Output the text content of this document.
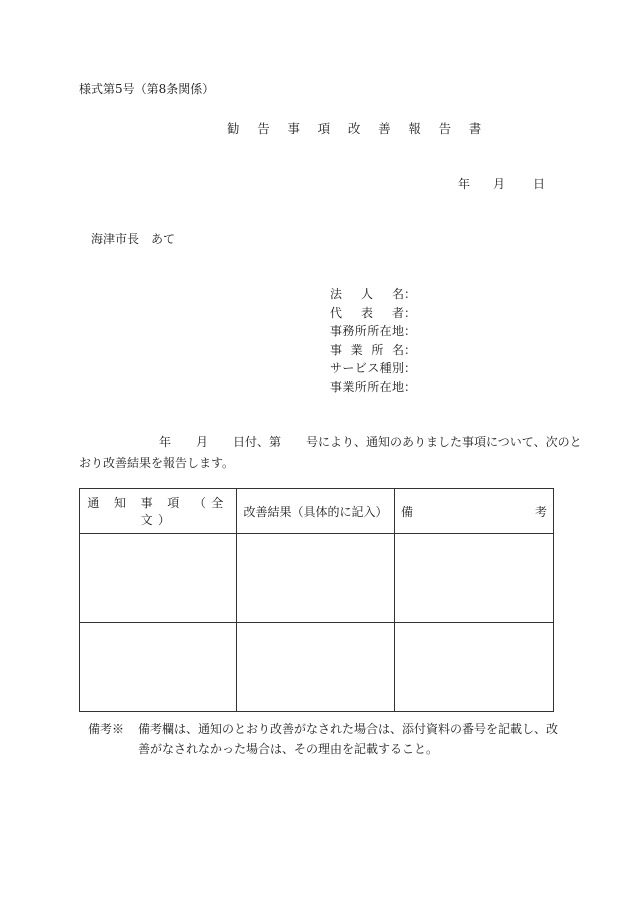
様式第5号（第8条関係）
勧 告 事 項 改 善 報 告 書
年 月 日
海津市長　あて
法人名：
代表者：
事務所所在地：
事業所名：
サービス種別：
事業所所在地：
年 月 日付、第 号により、通知のありました事項について、次のと
おり改善結果を報告します。
通 知 事 項 （全 文）	改善結果（具体的に記入）	備 考

備考※ 備考欄は、通知のとおり改善がなされた場合は、添付資料の番号を記載し、改
善がなされなかった場合は、その理由を記載すること。
